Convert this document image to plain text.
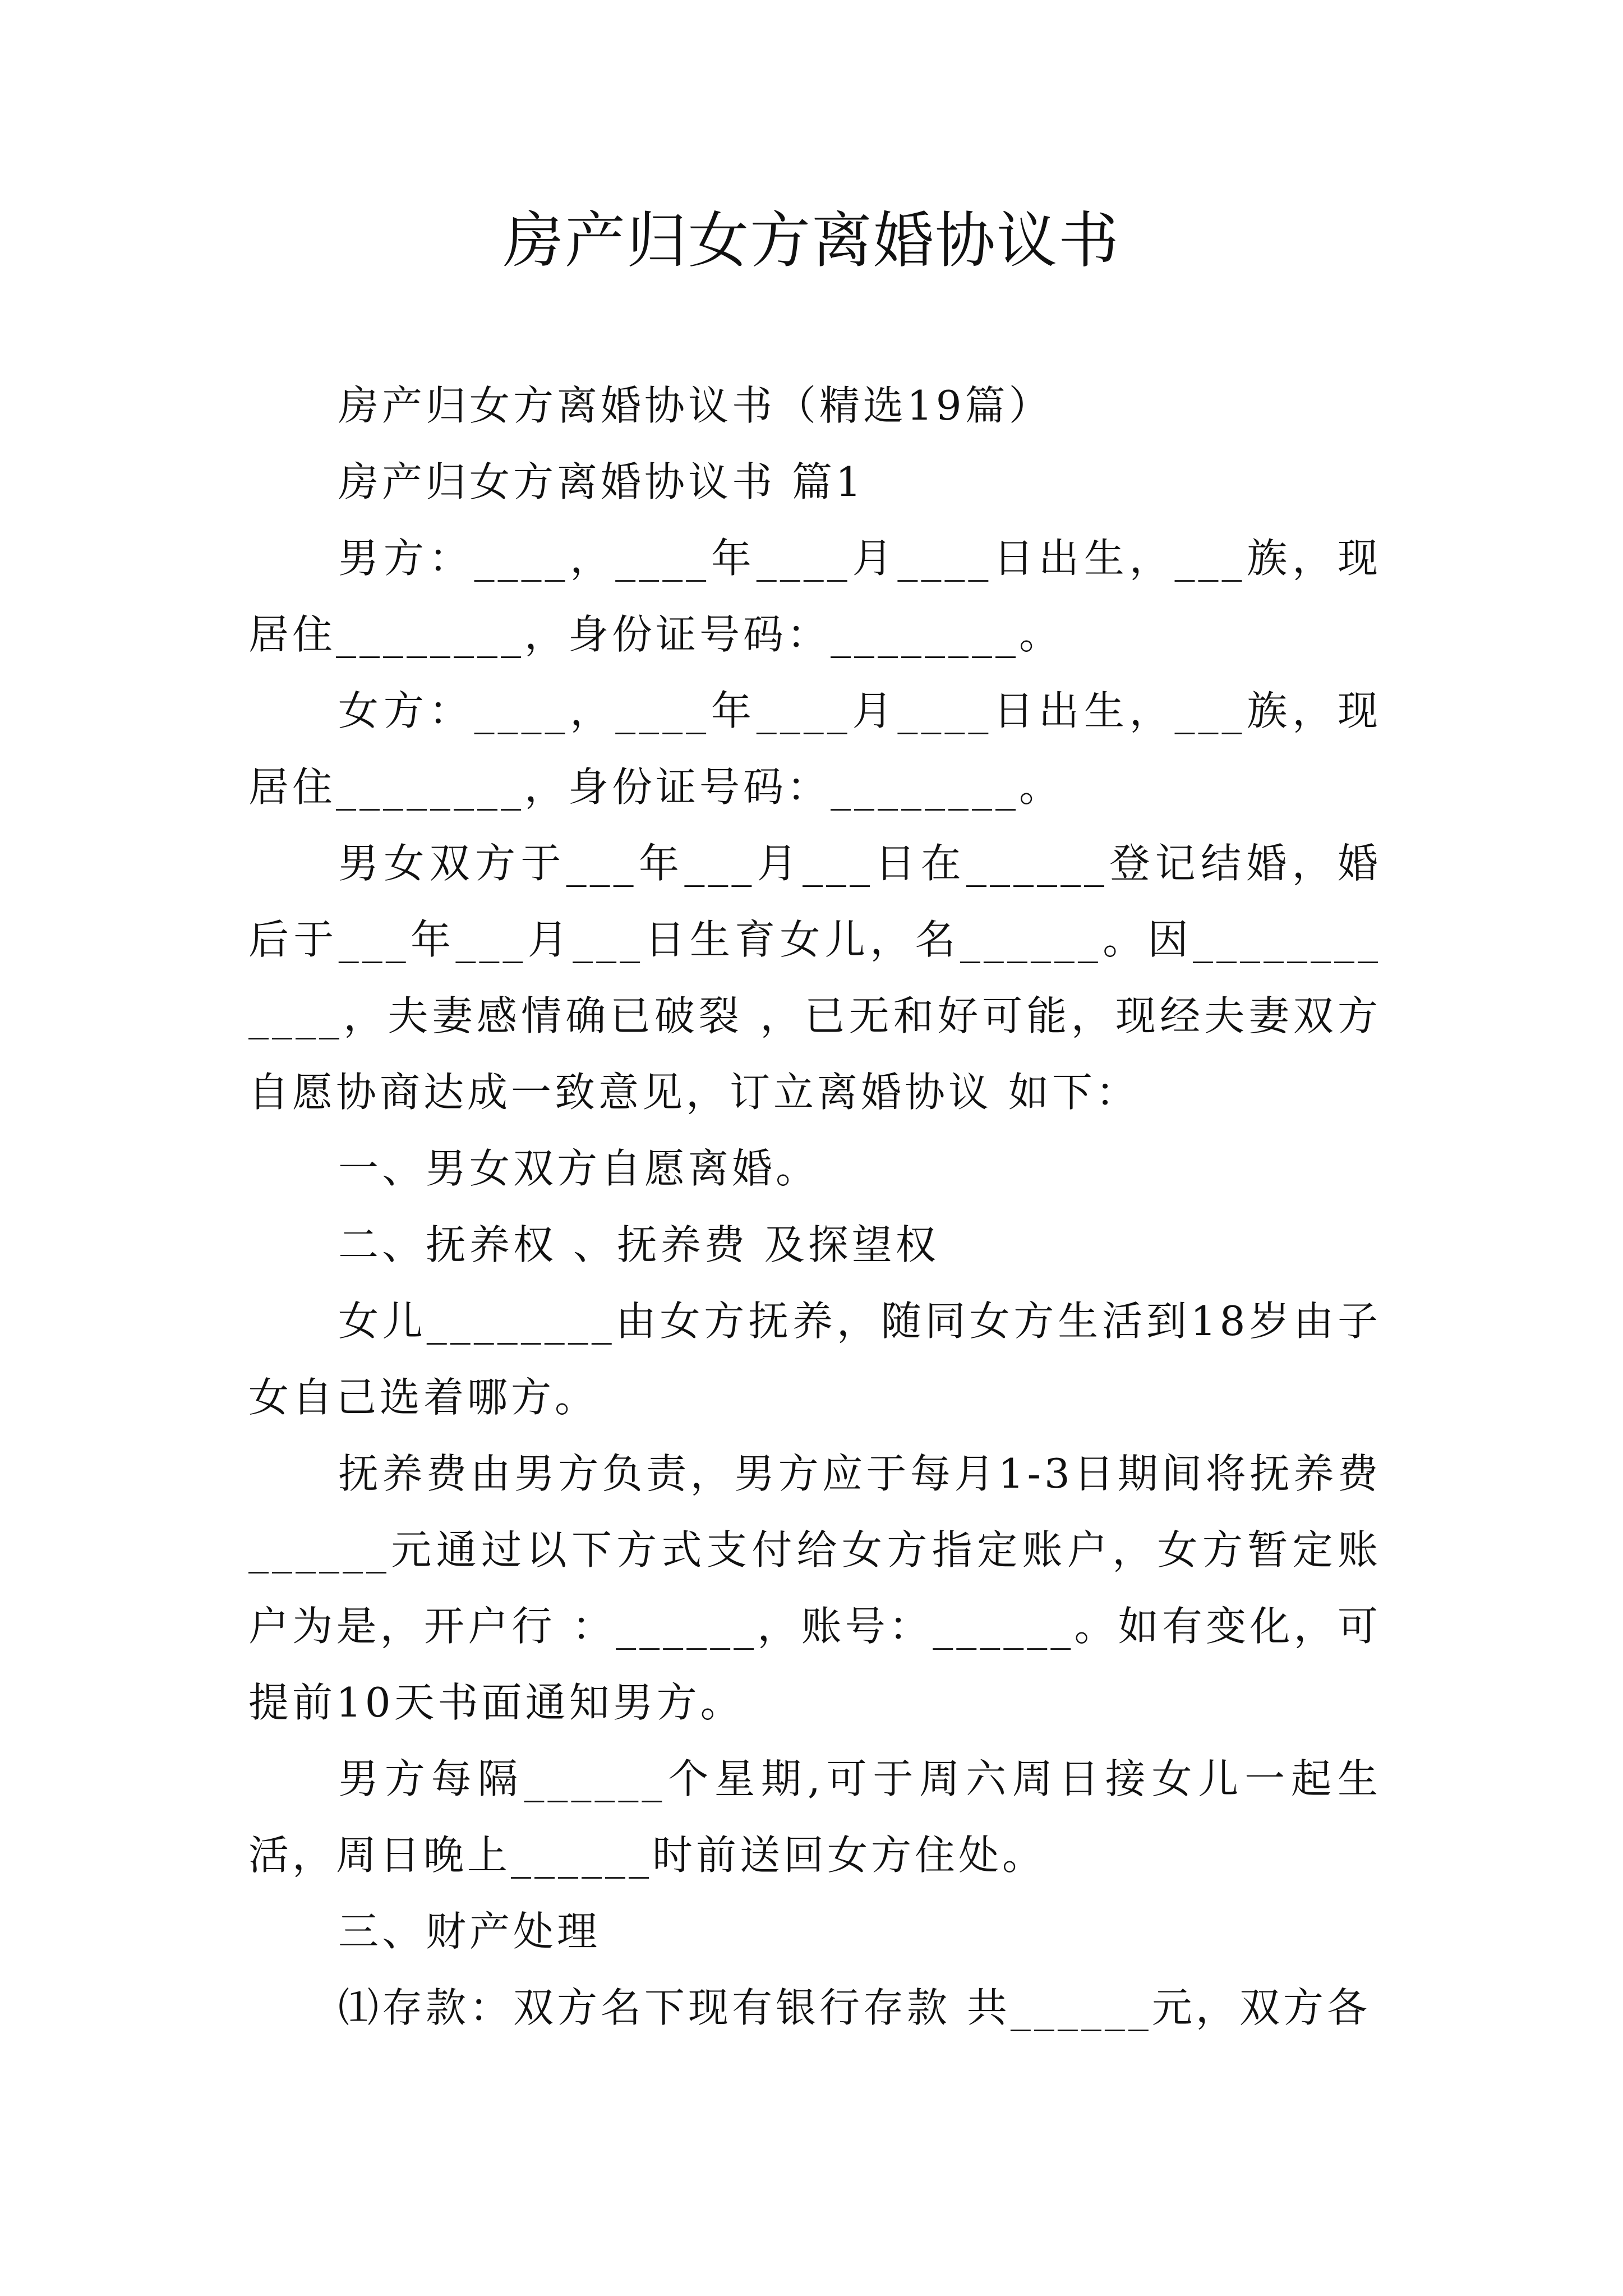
房产归女方离婚协议书

房产归女方离婚协议书（精选19篇）

房产归女方离婚协议书 篇1

男方：____，____年____月____日出生，___族，现居住________，身份证号码：________。

女方：____，____年____月____日出生，___族，现居住________，身份证号码：________。

男女双方于___年___月___日在______登记结婚，婚后于___年___月___日生育女儿，名______。因____________，夫妻感情确已破裂 ，已无和好可能，现经夫妻双方自愿协商达成一致意见，订立离婚协议 如下：

一、男女双方自愿离婚。

二、抚养权 、抚养费 及探望权

女儿________由女方抚养，随同女方生活到18岁由子女自己选着哪方。

抚养费由男方负责，男方应于每月1-3日期间将抚养费______元通过以下方式支付给女方指定账户，女方暂定账户为是，开户行 ：______，账号：______。如有变化，可提前10天书面通知男方。

男方每隔______个星期,可于周六周日接女儿一起生活，周日晚上______时前送回女方住处。

三、财产处理

⑴存款：双方名下现有银行存款 共______元，双方各
